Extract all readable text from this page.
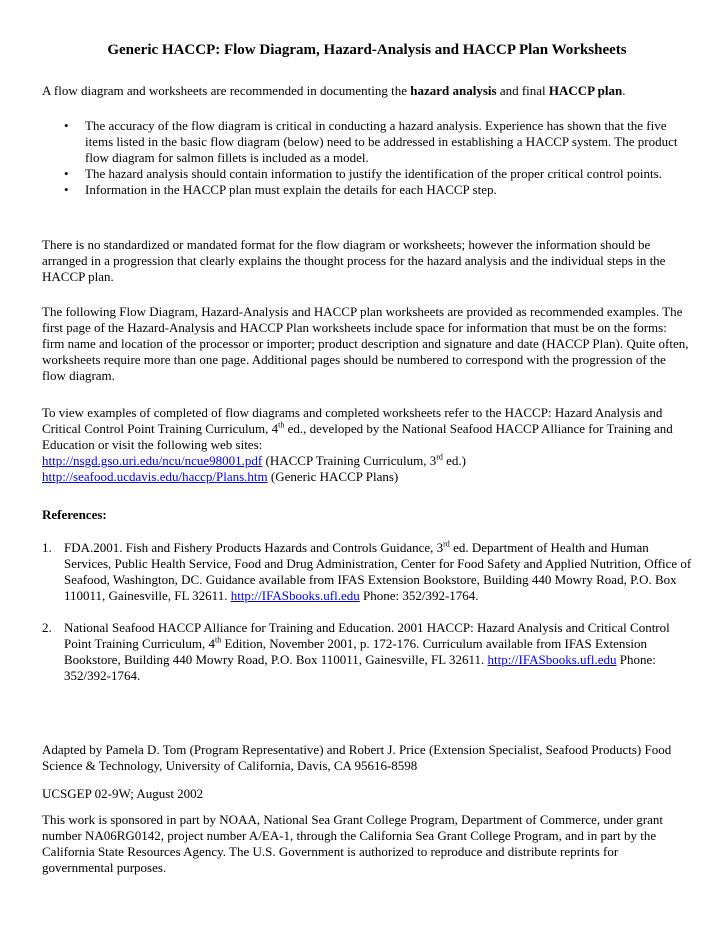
Generic HACCP: Flow Diagram, Hazard-Analysis and HACCP Plan Worksheets

A flow diagram and worksheets are recommended in documenting the hazard analysis and final HACCP plan.

• The accuracy of the flow diagram is critical in conducting a hazard analysis. Experience has shown that the five items listed in the basic flow diagram (below) need to be addressed in establishing a HACCP system. The product flow diagram for salmon fillets is included as a model.
• The hazard analysis should contain information to justify the identification of the proper critical control points.
• Information in the HACCP plan must explain the details for each HACCP step.

There is no standardized or mandated format for the flow diagram or worksheets; however the information should be arranged in a progression that clearly explains the thought process for the hazard analysis and the individual steps in the HACCP plan.

The following Flow Diagram, Hazard-Analysis and HACCP plan worksheets are provided as recommended examples. The first page of the Hazard-Analysis and HACCP Plan worksheets include space for information that must be on the forms: firm name and location of the processor or importer; product description and signature and date (HACCP Plan). Quite often, worksheets require more than one page. Additional pages should be numbered to correspond with the progression of the flow diagram.

To view examples of completed of flow diagrams and completed worksheets refer to the HACCP: Hazard Analysis and Critical Control Point Training Curriculum, 4th ed., developed by the National Seafood HACCP Alliance for Training and Education or visit the following web sites:
http://nsgd.gso.uri.edu/ncu/ncue98001.pdf (HACCP Training Curriculum, 3rd ed.)
http://seafood.ucdavis.edu/haccp/Plans.htm (Generic HACCP Plans)

References:

1. FDA.2001. Fish and Fishery Products Hazards and Controls Guidance, 3rd ed. Department of Health and Human Services, Public Health Service, Food and Drug Administration, Center for Food Safety and Applied Nutrition, Office of Seafood, Washington, DC. Guidance available from IFAS Extension Bookstore, Building 440 Mowry Road, P.O. Box 110011, Gainesville, FL 32611. http://IFASbooks.ufl.edu Phone: 352/392-1764.
2. National Seafood HACCP Alliance for Training and Education. 2001 HACCP: Hazard Analysis and Critical Control Point Training Curriculum, 4th Edition, November 2001, p. 172-176. Curriculum available from IFAS Extension Bookstore, Building 440 Mowry Road, P.O. Box 110011, Gainesville, FL 32611. http://IFASbooks.ufl.edu Phone: 352/392-1764.

Adapted by Pamela D. Tom (Program Representative) and Robert J. Price (Extension Specialist, Seafood Products) Food Science & Technology, University of California, Davis, CA 95616-8598

UCSGEP 02-9W; August 2002

This work is sponsored in part by NOAA, National Sea Grant College Program, Department of Commerce, under grant number NA06RG0142, project number A/EA-1, through the California Sea Grant College Program, and in part by the California State Resources Agency. The U.S. Government is authorized to reproduce and distribute reprints for governmental purposes.
